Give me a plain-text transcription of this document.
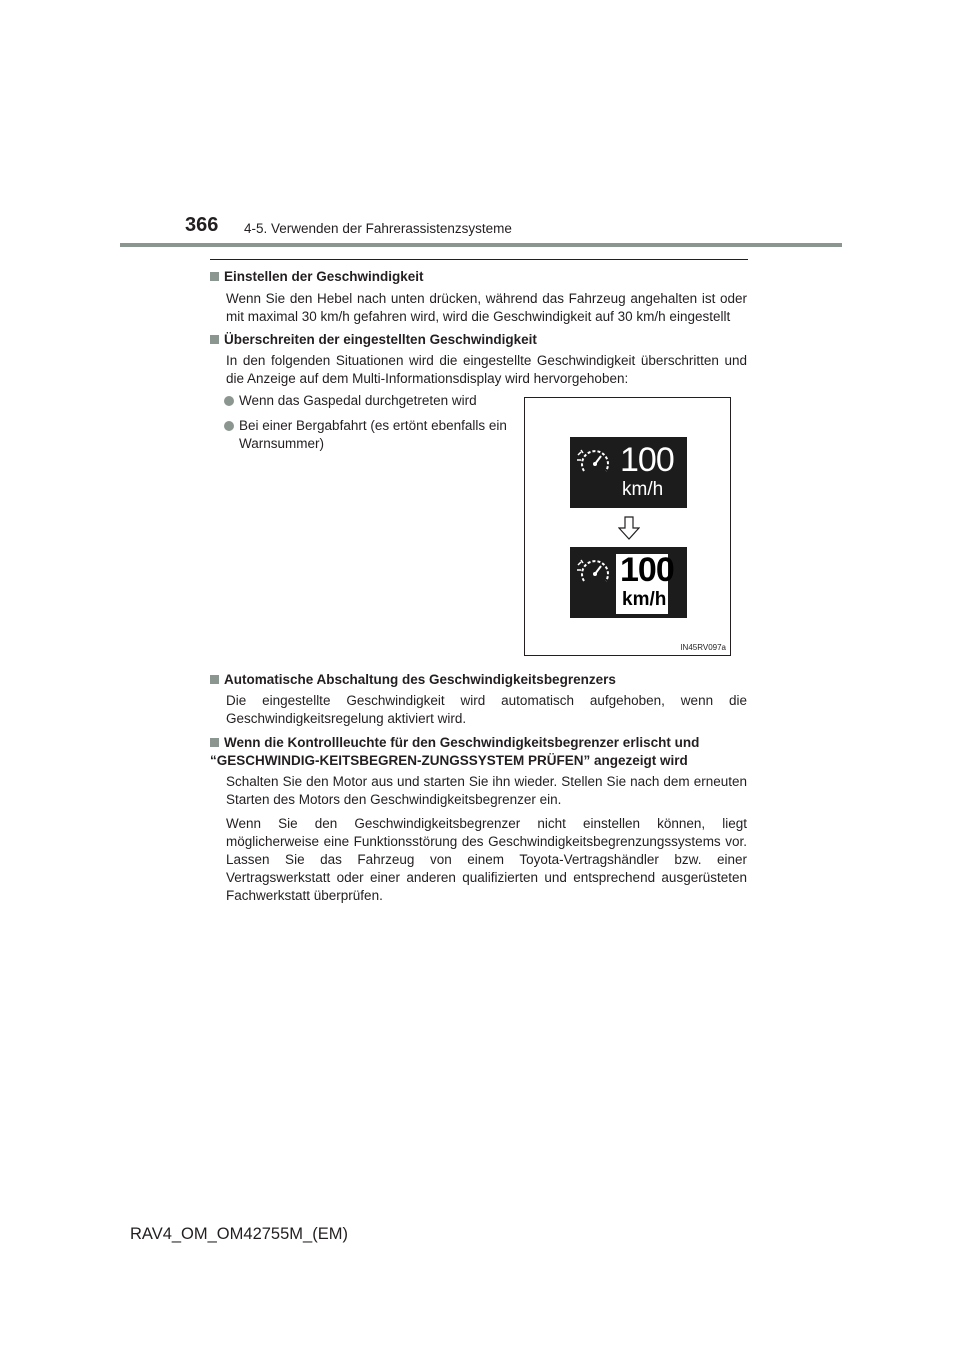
366 4-5. Verwenden der Fahrerassistenzsysteme
Einstellen der Geschwindigkeit
Wenn Sie den Hebel nach unten drücken, während das Fahrzeug angehalten ist oder mit maximal 30 km/h gefahren wird, wird die Geschwindigkeit auf 30 km/h eingestellt
Überschreiten der eingestellten Geschwindigkeit
In den folgenden Situationen wird die eingestellte Geschwindigkeit überschritten und die Anzeige auf dem Multi-Informationsdisplay wird hervorgehoben:
Wenn das Gaspedal durchgetreten wird
Bei einer Bergabfahrt (es ertönt ebenfalls ein Warnsummer)	100
km/h
100
km/h
IN45RV097a
Automatische Abschaltung des Geschwindigkeitsbegrenzers
Die eingestellte Geschwindigkeit wird automatisch aufgehoben, wenn die Geschwindigkeitsregelung aktiviert wird.
Wenn die Kontrollleuchte für den Geschwindigkeitsbegrenzer erlischt und “GESCHWINDIG-KEITSBEGREN-ZUNGSSYSTEM PRÜFEN” angezeigt wird
Schalten Sie den Motor aus und starten Sie ihn wieder. Stellen Sie nach dem erneuten Starten des Motors den Geschwindigkeitsbegrenzer ein.
Wenn Sie den Geschwindigkeitsbegrenzer nicht einstellen können, liegt möglicherweise eine Funktionsstörung des Geschwindigkeitsbegrenzungssystems vor. Lassen Sie das Fahrzeug von einem Toyota-Vertragshändler bzw. einer Vertragswerkstatt oder einer anderen qualifizierten und entsprechend ausgerüsteten Fachwerkstatt überprüfen.
RAV4_OM_OM42755M_(EM)
